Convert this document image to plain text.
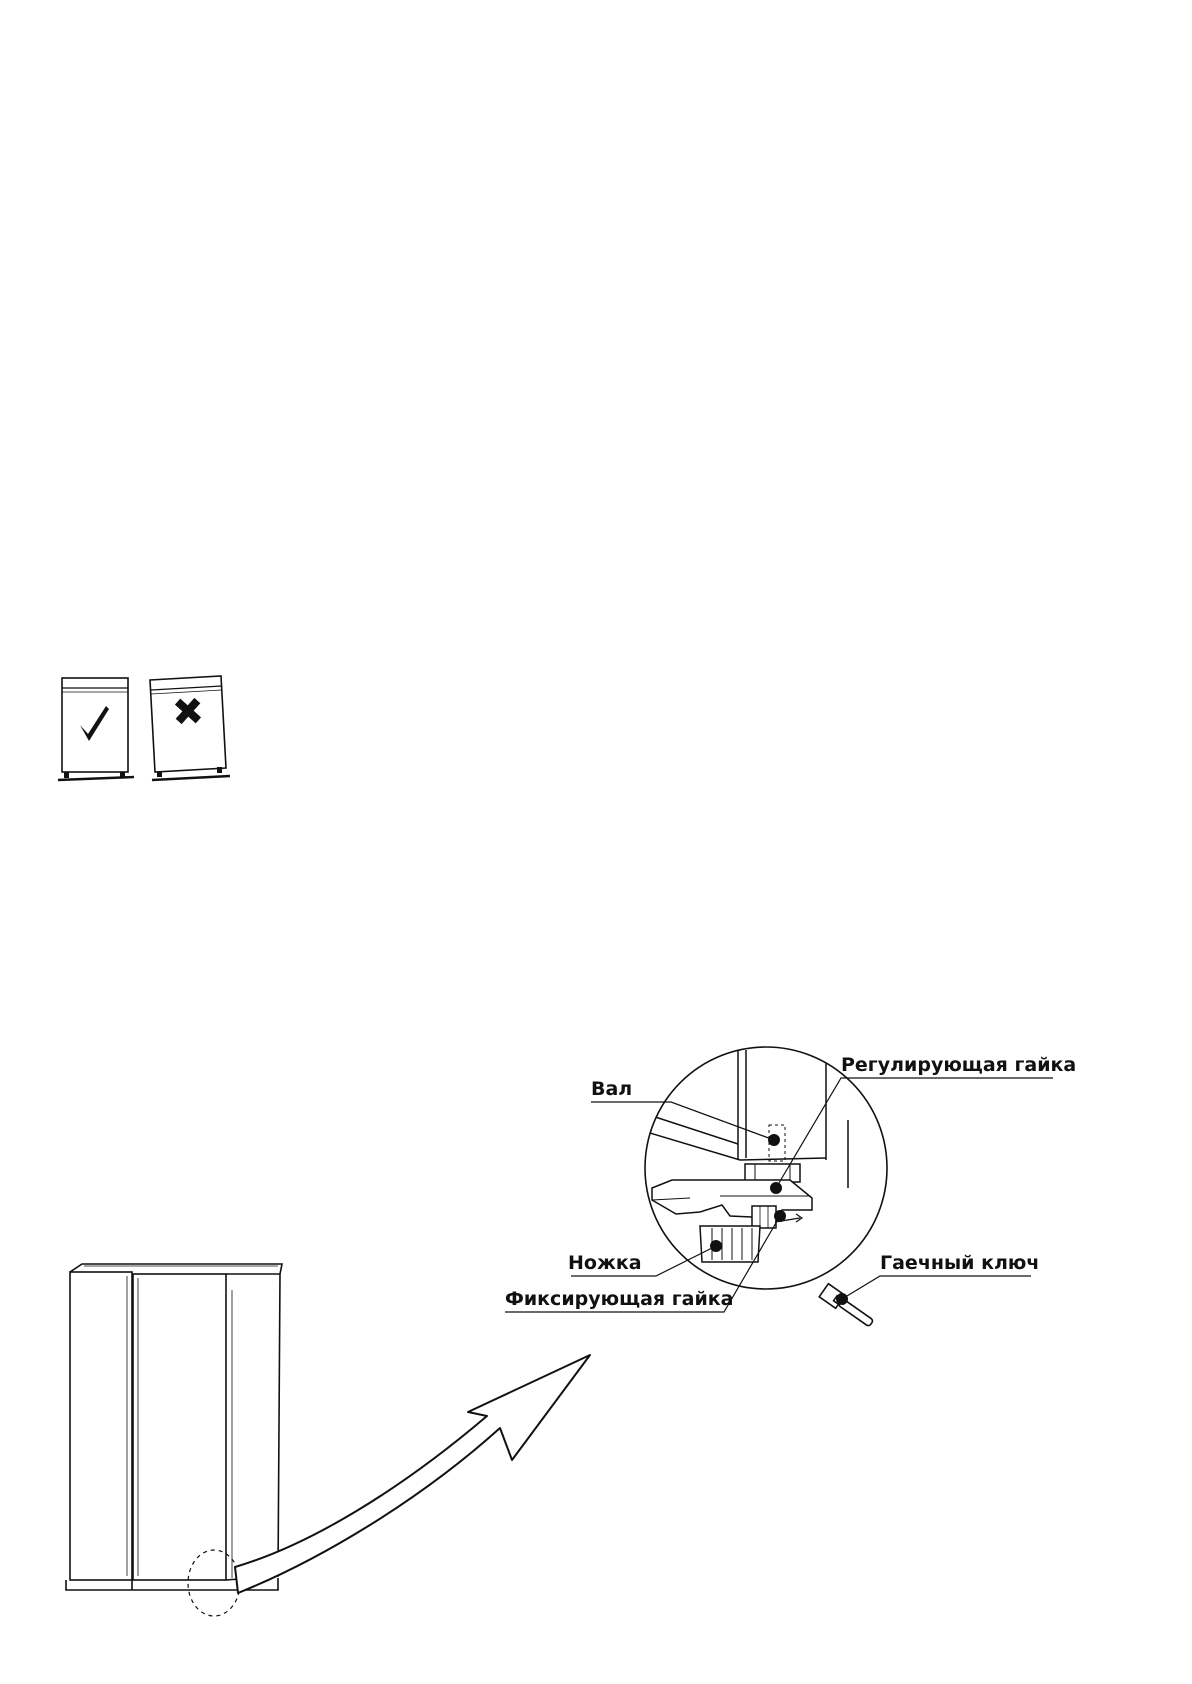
Вал
Регулирующая гайка
Ножка
Фиксирующая гайка
Гаечный ключ
